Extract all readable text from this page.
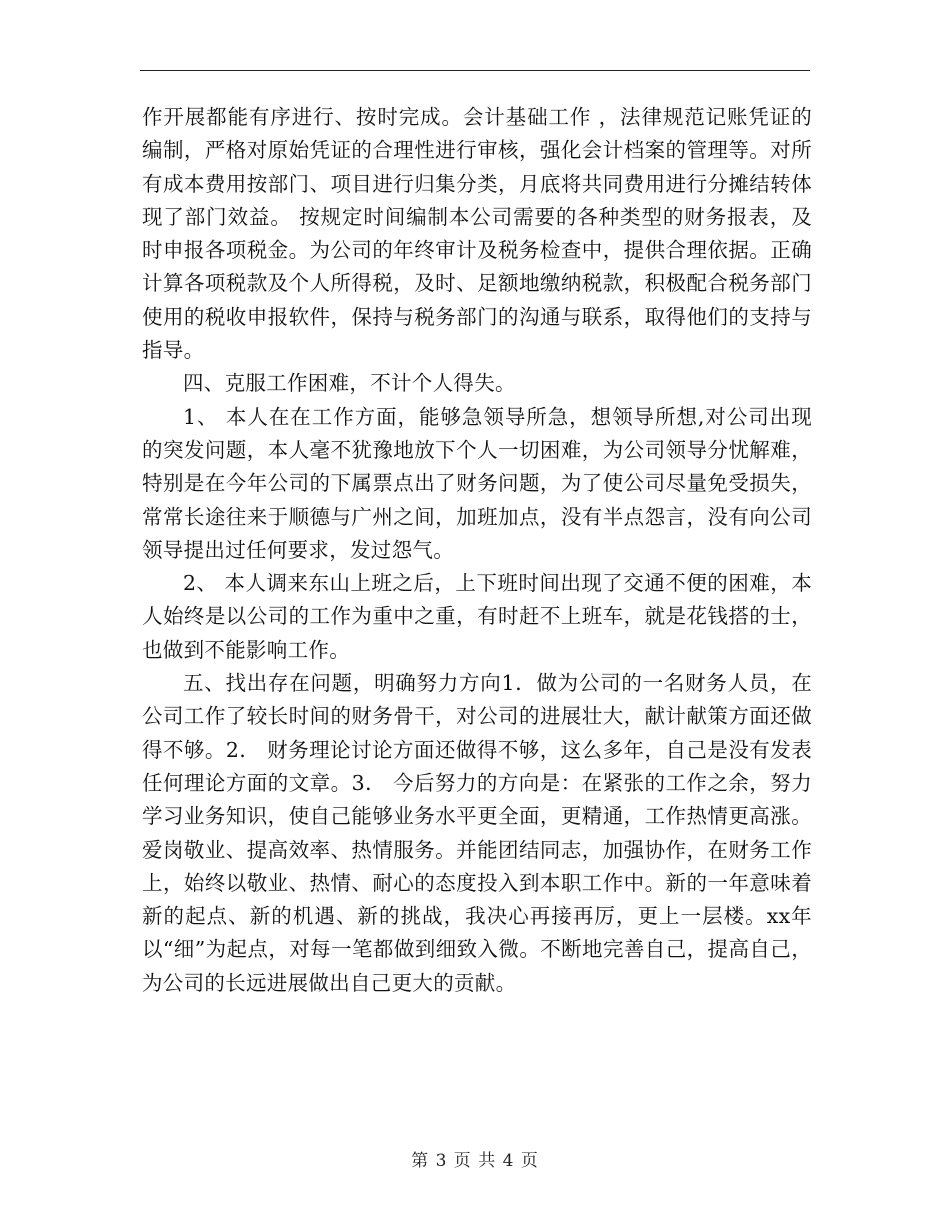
作开展都能有序进行、按时完成。会计基础工作 ，法律规范记账凭证的编制，严格对原始凭证的合理性进行审核，强化会计档案的管理等。对所有成本费用按部门、项目进行归集分类，月底将共同费用进行分摊结转体现了部门效益。 按规定时间编制本公司需要的各种类型的财务报表，及时申报各项税金。为公司的年终审计及税务检查中，提供合理依据。正确计算各项税款及个人所得税，及时、足额地缴纳税款，积极配合税务部门使用的税收申报软件，保持与税务部门的沟通与联系，取得他们的支持与指导。

四、克服工作困难，不计个人得失。

1、 本人在在工作方面，能够急领导所急，想领导所想,对公司出现的突发问题，本人毫不犹豫地放下个人一切困难，为公司领导分忧解难，特别是在今年公司的下属票点出了财务问题，为了使公司尽量免受损失，常常长途往来于顺德与广州之间，加班加点，没有半点怨言，没有向公司领导提出过任何要求，发过怨气。

2、 本人调来东山上班之后，上下班时间出现了交通不便的困难，本人始终是以公司的工作为重中之重，有时赶不上班车，就是花钱搭的士，也做到不能影响工作。

五、找出存在问题，明确努力方向1．做为公司的一名财务人员，在公司工作了较长时间的财务骨干，对公司的进展壮大，献计献策方面还做得不够。2． 财务理论讨论方面还做得不够，这么多年，自己是没有发表任何理论方面的文章。3． 今后努力的方向是：在紧张的工作之余，努力学习业务知识，使自己能够业务水平更全面，更精通，工作热情更高涨。爱岗敬业、提高效率、热情服务。并能团结同志，加强协作，在财务工作上，始终以敬业、热情、耐心的态度投入到本职工作中。新的一年意味着新的起点、新的机遇、新的挑战，我决心再接再厉，更上一层楼。xx年以“细”为起点，对每一笔都做到细致入微。不断地完善自己，提高自己，为公司的长远进展做出自己更大的贡献。

第 3 页 共 4 页
